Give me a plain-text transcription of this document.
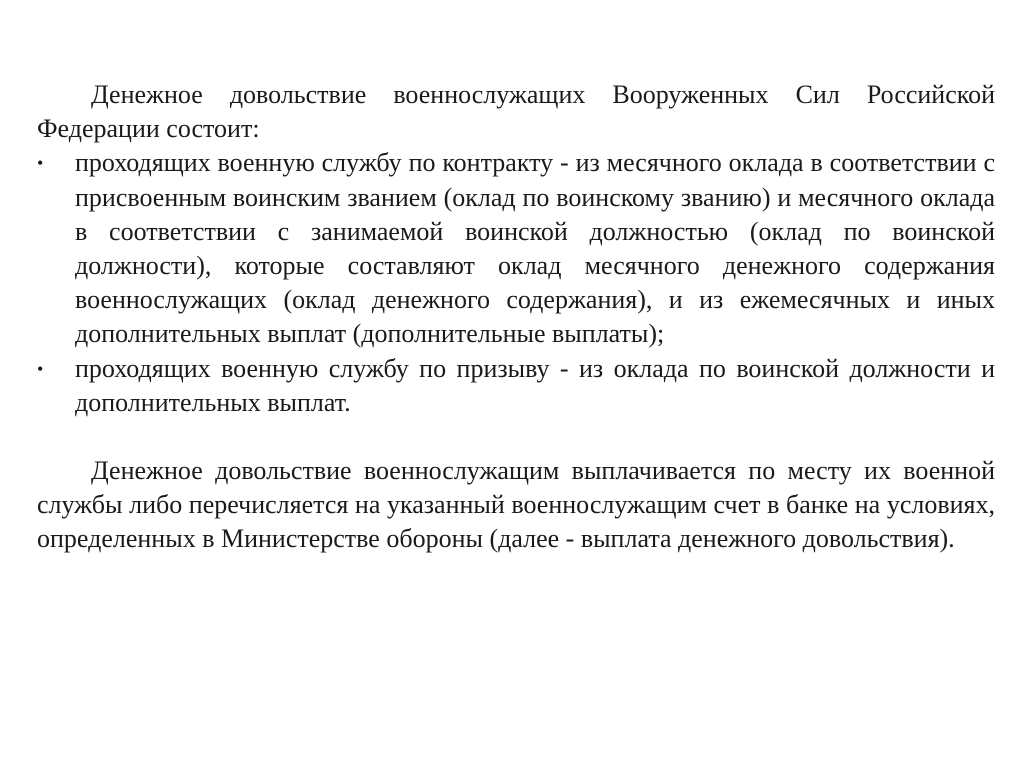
Денежное довольствие военнослужащих Вооруженных Сил Российской Федерации состоит:

•	проходящих военную службу по контракту - из месячного оклада в соответствии с присвоенным воинским званием (оклад по воинскому званию) и месячного оклада в соответствии с занимаемой воинской должностью (оклад по воинской должности), которые составляют оклад месячного денежного содержания военнослужащих (оклад денежного содержания), и из ежемесячных и иных дополнительных выплат (дополнительные выплаты);
•	проходящих военную службу по призыву - из оклада по воинской должности и дополнительных выплат.

Денежное довольствие военнослужащим выплачивается по месту их военной службы либо перечисляется на указанный военнослужащим счет в банке на условиях, определенных в Министерстве обороны (далее - выплата денежного довольствия).
